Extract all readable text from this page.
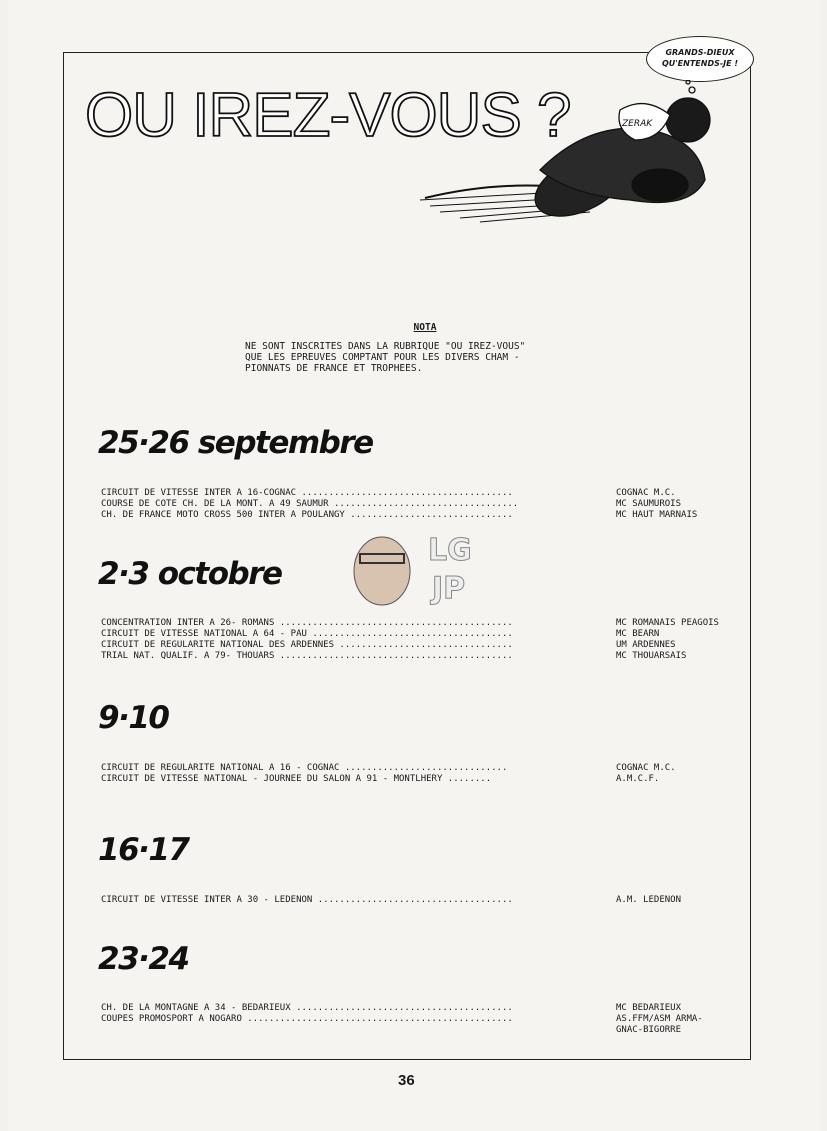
OU IREZ-VOUS ?
GRANDS-DIEUX
QU'ENTENDS-JE !
ZERAK
NOTA
NE SONT INSCRITES DANS LA RUBRIQUE "OU IREZ-VOUS"
QUE LES EPREUVES COMPTANT POUR LES DIVERS CHAM -
PIONNATS DE FRANCE ET TROPHEES.
25·26 septembre
CIRCUIT DE VITESSE INTER A 16-COGNAC .......................................	COGNAC M.C.
COURSE DE COTE CH. DE LA MONT. A 49 SAUMUR ..................................	MC SAUMUROIS
CH. DE FRANCE MOTO CROSS 500 INTER A POULANGY ..............................	MC HAUT MARNAIS
LG
JP
2·3 octobre
CONCENTRATION INTER A 26- ROMANS ...........................................	MC ROMANAIS PEAGOIS
CIRCUIT DE VITESSE NATIONAL A 64 - PAU .....................................	MC BEARN
CIRCUIT DE REGULARITE NATIONAL DES ARDENNES ................................	UM ARDENNES
TRIAL NAT. QUALIF. A 79- THOUARS ...........................................	MC THOUARSAIS
9·10
CIRCUIT DE REGULARITE NATIONAL A 16 - COGNAC ..............................	COGNAC M.C.
CIRCUIT DE VITESSE NATIONAL - JOURNEE DU SALON A 91 - MONTLHERY ........	A.M.C.F.
16·17
CIRCUIT DE VITESSE INTER A 30 - LEDENON ....................................	A.M. LEDENON
23·24
CH. DE LA MONTAGNE A 34 - BEDARIEUX ........................................	MC BEDARIEUX
COUPES PROMOSPORT A NOGARO .................................................	AS.FFM/ASM ARMA-
GNAC-BIGORRE
36
